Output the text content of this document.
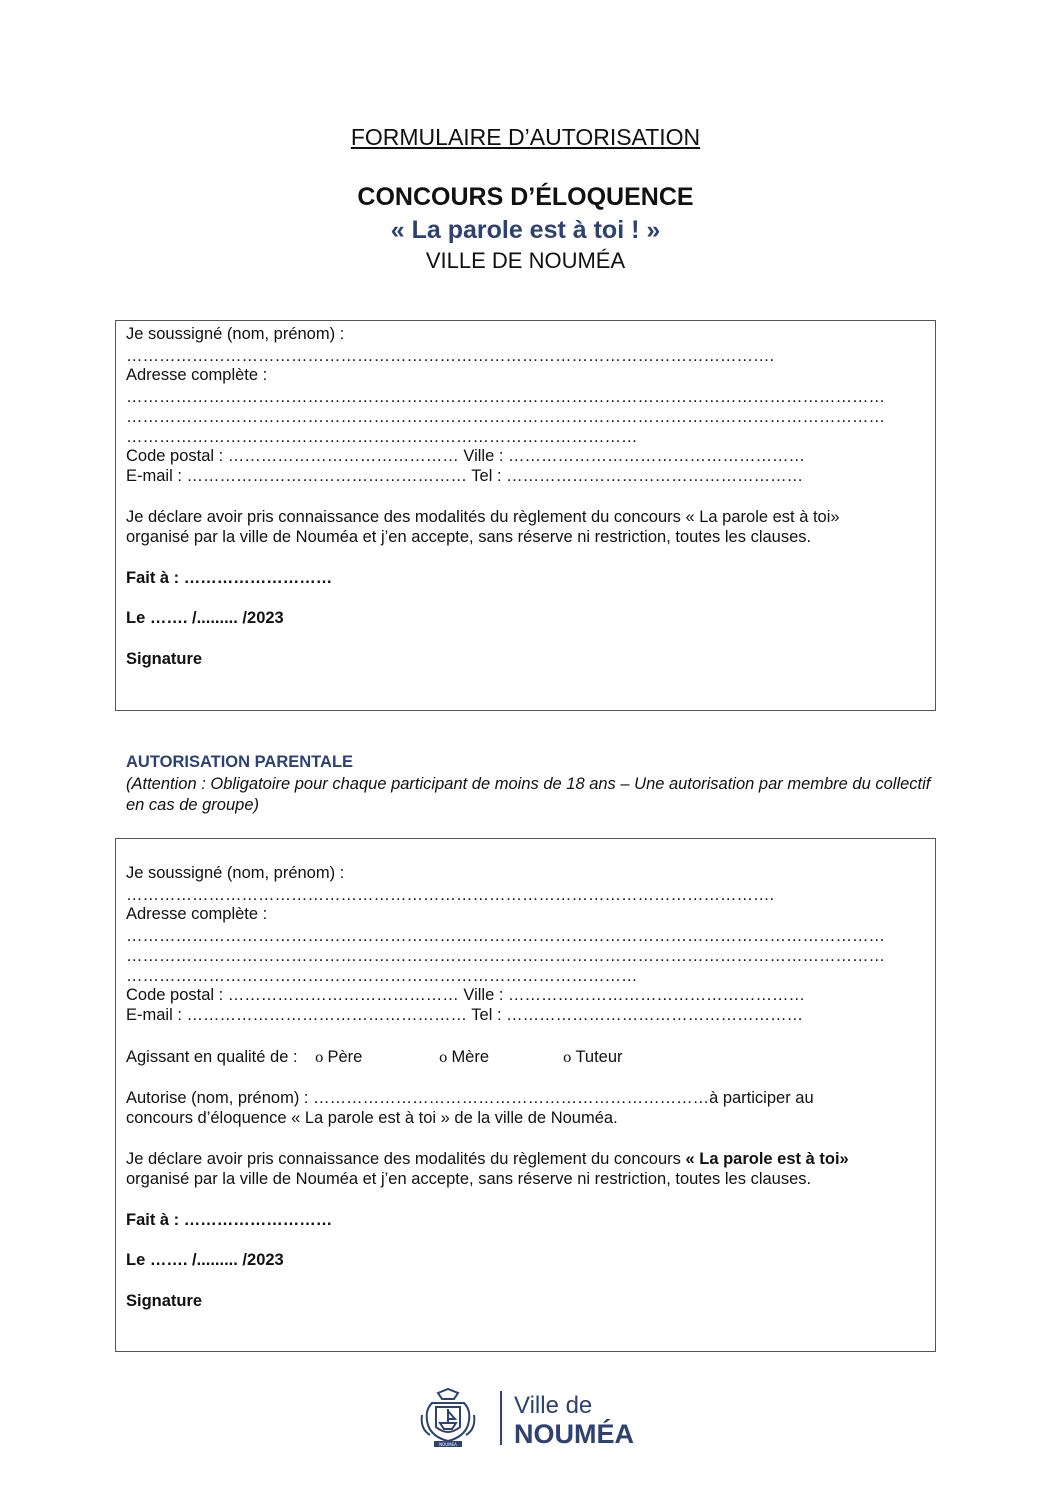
FORMULAIRE D’AUTORISATION
CONCOURS D’ÉLOQUENCE
« La parole est à toi ! »
VILLE DE NOUMÉA
Je soussigné (nom, prénom) :
……………………………………………………………………………………………………….
Adresse complète :
…………………………………………………………………………………………………………………………
…………………………………………………………………………………………………………………………
…………………………………………………………………………………
Code postal : …………………………………… Ville : ………………………………………………
E-mail : …………………………………………… Tel : ………………………………………………
Je déclare avoir pris connaissance des modalités du règlement du concours « La parole est à toi»
organisé par la ville de Nouméa et j’en accepte, sans réserve ni restriction, toutes les clauses.
Fait à : ………………………
Le ……. /......... /2023
Signature
AUTORISATION PARENTALE
(Attention : Obligatoire pour chaque participant de moins de 18 ans – Une autorisation par membre du collectif en cas de groupe)
Je soussigné (nom, prénom) :
……………………………………………………………………………………………………….
Adresse complète :
…………………………………………………………………………………………………………………………
…………………………………………………………………………………………………………………………
…………………………………………………………………………………
Code postal : …………………………………… Ville : ………………………………………………
E-mail : …………………………………………… Tel : ………………………………………………
Agissant en qualité de : o Père	o Mère	o Tuteur
Autorise (nom, prénom) : ………………………………………………………………à participer au
concours d’éloquence « La parole est à toi » de la ville de Nouméa.
Je déclare avoir pris connaissance des modalités du règlement du concours « La parole est à toi»
organisé par la ville de Nouméa et j’en accepte, sans réserve ni restriction, toutes les clauses.
Fait à : ………………………
Le ……. /......... /2023
Signature
NOUMEA
Ville de
NOUMÉA
